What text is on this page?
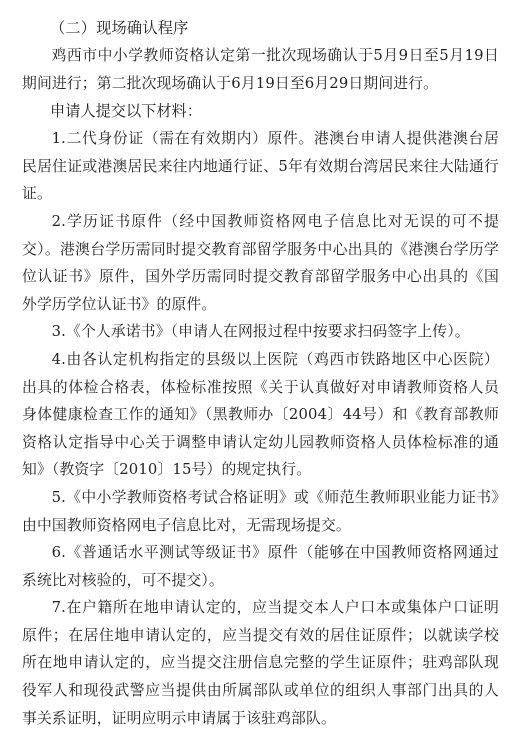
（二）现场确认程序

鸡西市中小学教师资格认定第一批次现场确认于5月9日至5月19日期间进行；第二批次现场确认于6月19日至6月29日期间进行。

申请人提交以下材料：

1.二代身份证（需在有效期内）原件。港澳台申请人提供港澳台居民居住证或港澳居民来往内地通行证、5年有效期台湾居民来往大陆通行证。

2.学历证书原件（经中国教师资格网电子信息比对无误的可不提交）。港澳台学历需同时提交教育部留学服务中心出具的《港澳台学历学位认证书》原件，国外学历需同时提交教育部留学服务中心出具的《国外学历学位认证书》的原件。

3.《个人承诺书》（申请人在网报过程中按要求扫码签字上传）。

4.由各认定机构指定的县级以上医院（鸡西市铁路地区中心医院）出具的体检合格表，体检标准按照《关于认真做好对申请教师资格人员身体健康检查工作的通知》（黑教师办〔2004〕44号）和《教育部教师资格认定指导中心关于调整申请认定幼儿园教师资格人员体检标准的通知》（教资字〔2010〕15号）的规定执行。

5.《中小学教师资格考试合格证明》或《师范生教师职业能力证书》由中国教师资格网电子信息比对，无需现场提交。

6.《普通话水平测试等级证书》原件（能够在中国教师资格网通过系统比对核验的，可不提交）。

7.在户籍所在地申请认定的，应当提交本人户口本或集体户口证明原件；在居住地申请认定的，应当提交有效的居住证原件；以就读学校所在地申请认定的，应当提交注册信息完整的学生证原件；驻鸡部队现役军人和现役武警应当提供由所属部队或单位的组织人事部门出具的人事关系证明，证明应明示申请属于该驻鸡部队。
